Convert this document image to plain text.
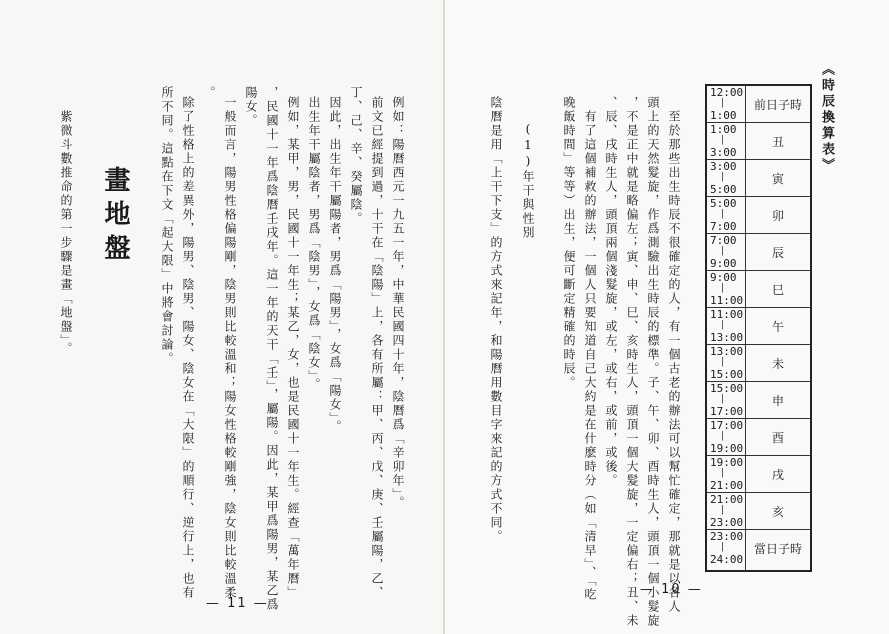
《時辰換算表》
12:00
|
1:00
1:00
|
3:00
3:00
|
5:00
5:00
|
7:00
7:00
|
9:00
9:00
|
11:00
11:00
|
13:00
13:00
|
15:00
15:00
|
17:00
17:00
|
19:00
19:00
|
21:00
21:00
|
23:00
23:00
|
24:00
前日子時
丑
寅
卯
辰
巳
午
未
申
酉
戌
亥
當日子時
至於那些出生時辰不很確定的人，有一個古老的辦法可以幫忙確定，那就是以各人
頭上的天然髮旋，作爲測驗出生時辰的標準。子、午、卯、酉時生人，頭頂一個小髮旋
，不是正中就是略偏左；寅、申、巳、亥時生人，頭頂一個大髮旋，一定偏右；丑、未
、辰、戌時生人，頭頂兩個淺髮旋，或左，或右，或前，或後。
有了這個補救的辦法，一個人只要知道自己大約是在什麽時分（如「清早」、「吃
晚飯時間」等等）出生，便可斷定精確的時辰。
(1)年干與性別
陰曆是用「上干下支」的方式來記年，和陽曆用數目字來記的方式不同。
— 10 —
例如：陽曆西元一九五一年，中華民國四十年，陰曆爲「辛卯年」。
前文已經提到過，十干在「陰陽」上，各有所屬：甲、丙、戊、庚、壬屬陽，乙、
丁、己、辛、癸屬陰。
因此，出生年干屬陽者，男爲「陽男」，女爲「陽女」。
出生年干屬陰者，男爲「陰男」，女爲「陰女」。
例如，某甲，男，民國十一年生；某乙，女，也是民國十一年生。經查「萬年曆」
，民國十一年爲陰曆壬戌年。這一年的天干「壬」，屬陽。因此，某甲爲陽男，某乙爲
陽女。
一般而言，陽男性格偏陽剛，陰男則比較溫和；陽女性格較剛強，陰女則比較溫柔
。
除了性格上的差異外，陽男、陰男、陽女、陰女在「大限」的順行、逆行上，也有
所不同。這點在下文「起大限」中將會討論。
畫地盤
紫微斗數推命的第一步驟是畫「地盤」。
— 11 —
